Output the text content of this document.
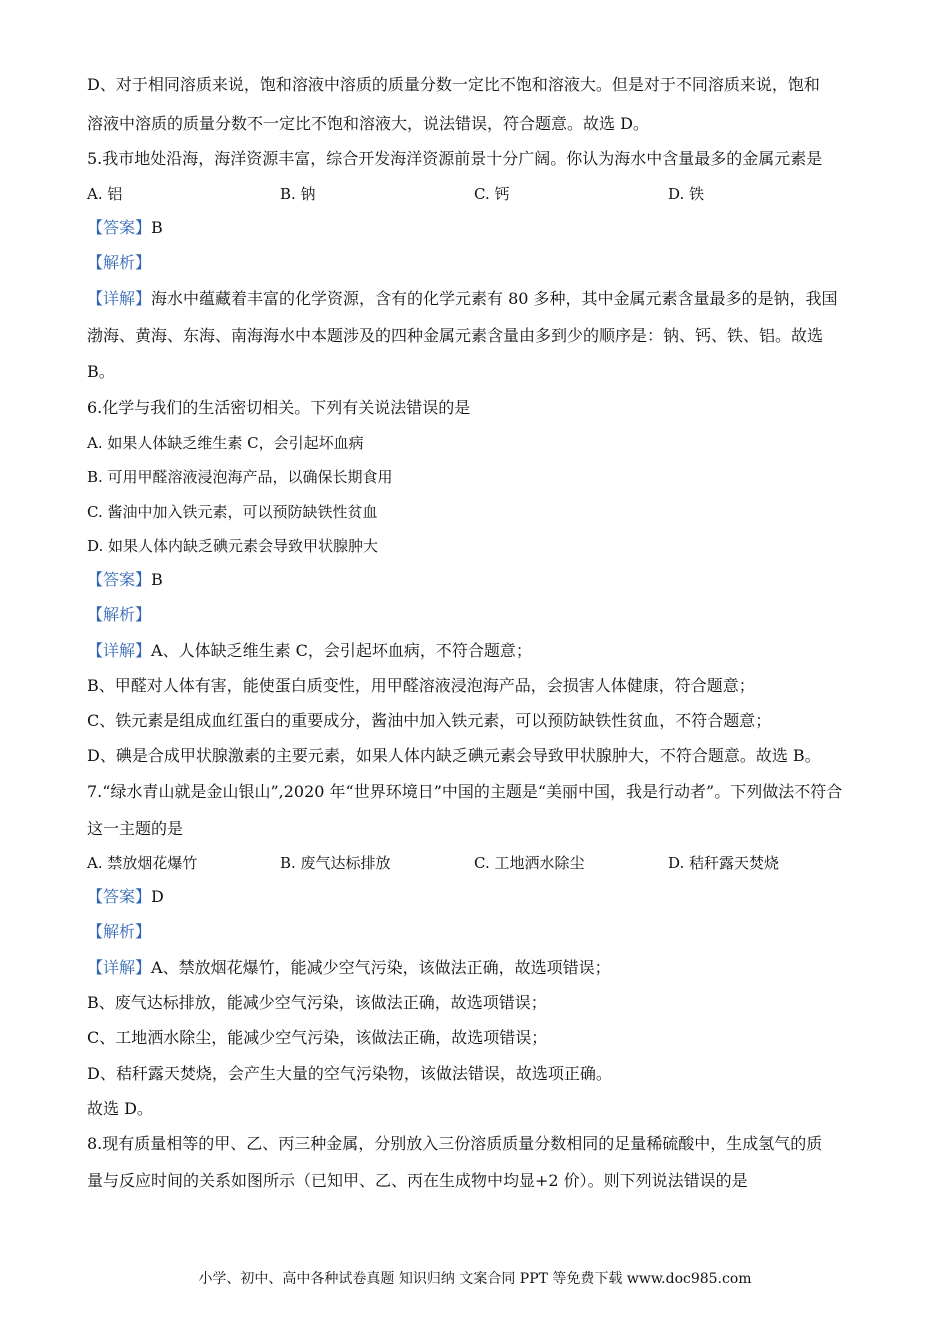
D、对于相同溶质来说，饱和溶液中溶质的质量分数一定比不饱和溶液大。但是对于不同溶质来说，饱和
溶液中溶质的质量分数不一定比不饱和溶液大，说法错误，符合题意。故选 D。
5.我市地处沿海，海洋资源丰富，综合开发海洋资源前景十分广阔。你认为海水中含量最多的金属元素是
A. 铝	B. 钠	C. 钙	D. 铁
【答案】B
【解析】
【详解】海水中蕴藏着丰富的化学资源，含有的化学元素有 80 多种，其中金属元素含量最多的是钠，我国
渤海、黄海、东海、南海海水中本题涉及的四种金属元素含量由多到少的顺序是：钠、钙、铁、铝。故选
B。
6.化学与我们的生活密切相关。下列有关说法错误的是
A. 如果人体缺乏维生素 C，会引起坏血病
B. 可用甲醛溶液浸泡海产品，以确保长期食用
C. 酱油中加入铁元素，可以预防缺铁性贫血
D. 如果人体内缺乏碘元素会导致甲状腺肿大
【答案】B
【解析】
【详解】A、人体缺乏维生素 C，会引起坏血病，不符合题意；
B、甲醛对人体有害，能使蛋白质变性，用甲醛溶液浸泡海产品，会损害人体健康，符合题意；
C、铁元素是组成血红蛋白的重要成分，酱油中加入铁元素，可以预防缺铁性贫血，不符合题意；
D、碘是合成甲状腺激素的主要元素，如果人体内缺乏碘元素会导致甲状腺肿大，不符合题意。故选 B。
7.“绿水青山就是金山银山”,2020 年“世界环境日”中国的主题是“美丽中国，我是行动者”。下列做法不符合
这一主题的是
A. 禁放烟花爆竹	B. 废气达标排放	C. 工地洒水除尘	D. 秸秆露天焚烧
【答案】D
【解析】
【详解】A、禁放烟花爆竹，能减少空气污染，该做法正确，故选项错误；
B、废气达标排放，能减少空气污染，该做法正确，故选项错误；
C、工地洒水除尘，能减少空气污染，该做法正确，故选项错误；
D、秸秆露天焚烧，会产生大量的空气污染物，该做法错误，故选项正确。
故选 D。
8.现有质量相等的甲、乙、丙三种金属，分别放入三份溶质质量分数相同的足量稀硫酸中，生成氢气的质
量与反应时间的关系如图所示（已知甲、乙、丙在生成物中均显+2 价）。则下列说法错误的是
小学、初中、高中各种试卷真题 知识归纳 文案合同 PPT 等免费下载 www.doc985.com
